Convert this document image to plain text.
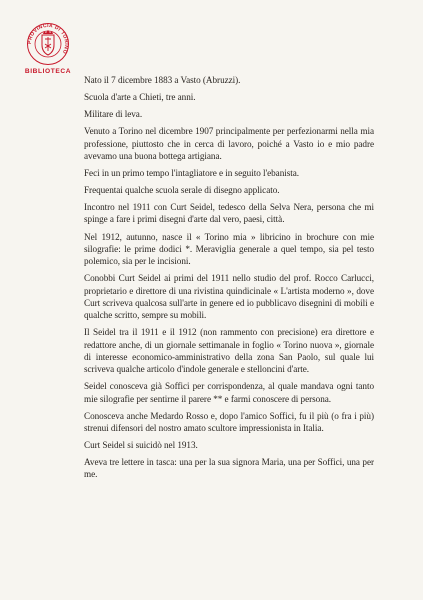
PROVINCIA DI TORINO
BIBLIOTECA

Nato il 7 dicembre 1883 a Vasto (Abruzzi).

Scuola d'arte a Chieti, tre anni.

Militare di leva.

Venuto a Torino nel dicembre 1907 principalmente per perfezionarmi nella mia professione, piuttosto che in cerca di lavoro, poiché a Vasto io e mio padre avevamo una buona bottega artigiana.

Feci in un primo tempo l'intagliatore e in seguito l'ebanista.

Frequentai qualche scuola serale di disegno applicato.

Incontro nel 1911 con Curt Seidel, tedesco della Selva Nera, persona che mi spinge a fare i primi disegni d'arte dal vero, paesi, città.

Nel 1912, autunno, nasce il « Torino mia » libricino in brochure con mie silografie: le prime dodici *. Meraviglia generale a quel tempo, sia pel testo polemico, sia per le incisioni.

Conobbi Curt Seidel ai primi del 1911 nello studio del prof. Rocco Carlucci, proprietario e direttore di una rivistina quindicinale « L'artista moderno », dove Curt scriveva qualcosa sull'arte in genere ed io pubblicavo disegnini di mobili e qualche scritto, sempre su mobili.

Il Seidel tra il 1911 e il 1912 (non rammento con precisione) era direttore e redattore anche, di un giornale settimanale in foglio « Torino nuova », giornale di interesse economico-amministrativo della zona San Paolo, sul quale lui scriveva qualche articolo d'indole generale e stelloncini d'arte.

Seidel conosceva già Soffici per corrispondenza, al quale mandava ogni tanto mie silografie per sentirne il parere ** e farmi conoscere di persona.

Conosceva anche Medardo Rosso e, dopo l'amico Soffici, fu il più (o fra i più) strenui difensori del nostro amato scultore impressionista in Italia.

Curt Seidel si suicidò nel 1913.

Aveva tre lettere in tasca: una per la sua signora Maria, una per Soffici, una per me.
